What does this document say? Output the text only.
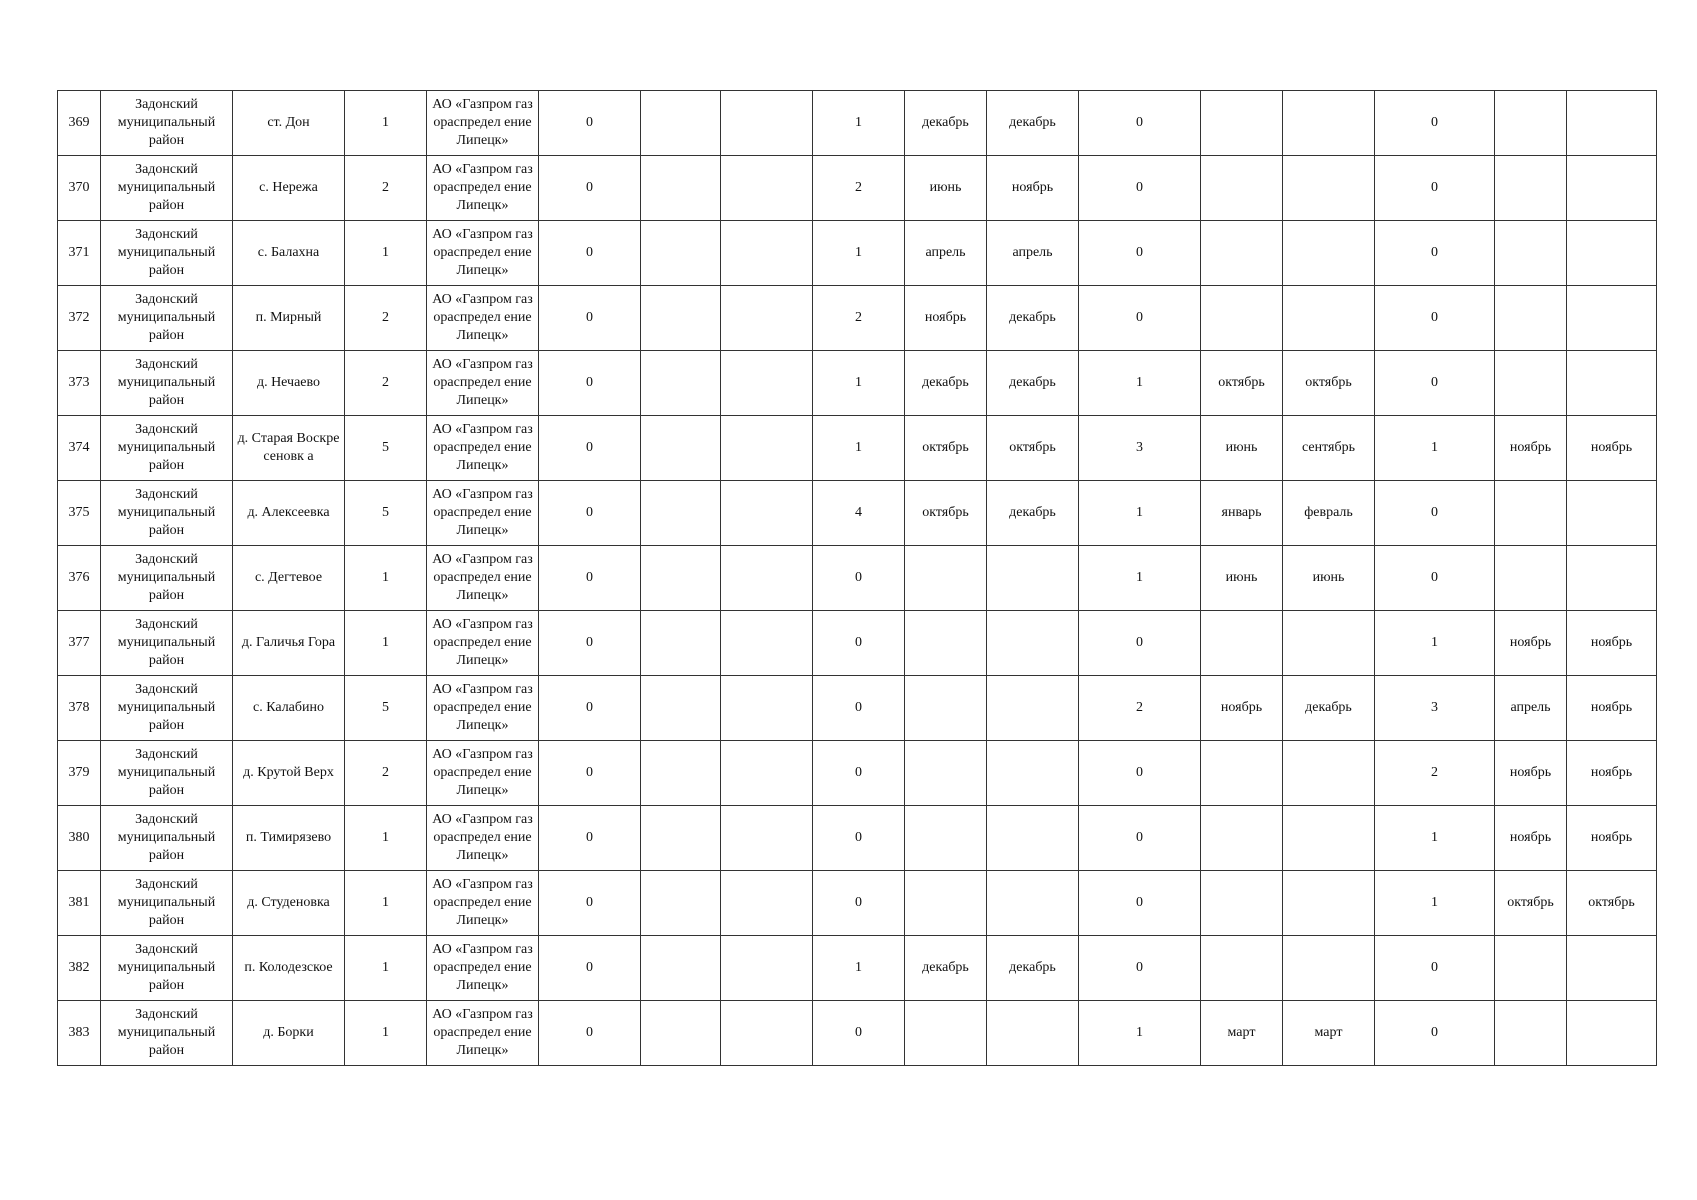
369	Задонский муниципальный район	ст. Дон	1	АО «Газпром газораспредел ение Липецк»	0			1	декабрь	декабрь	0			0		
370	Задонский муниципальный район	с. Нережа	2	АО «Газпром газораспредел ение Липецк»	0			2	июнь	ноябрь	0			0		
371	Задонский муниципальный район	с. Балахна	1	АО «Газпром газораспредел ение Липецк»	0			1	апрель	апрель	0			0		
372	Задонский муниципальный район	п. Мирный	2	АО «Газпром газораспредел ение Липецк»	0			2	ноябрь	декабрь	0			0		
373	Задонский муниципальный район	д. Нечаево	2	АО «Газпром газораспредел ение Липецк»	0			1	декабрь	декабрь	1	октябрь	октябрь	0		
374	Задонский муниципальный район	д. Старая Воскресеновк а	5	АО «Газпром газораспредел ение Липецк»	0			1	октябрь	октябрь	3	июнь	сентябрь	1	ноябрь	ноябрь
375	Задонский муниципальный район	д. Алексеевка	5	АО «Газпром газораспредел ение Липецк»	0			4	октябрь	декабрь	1	январь	февраль	0		
376	Задонский муниципальный район	с. Дегтевое	1	АО «Газпром газораспредел ение Липецк»	0			0			1	июнь	июнь	0		
377	Задонский муниципальный район	д. Галичья Гора	1	АО «Газпром газораспредел ение Липецк»	0			0			0			1	ноябрь	ноябрь
378	Задонский муниципальный район	с. Калабино	5	АО «Газпром газораспредел ение Липецк»	0			0			2	ноябрь	декабрь	3	апрель	ноябрь
379	Задонский муниципальный район	д. Крутой Верх	2	АО «Газпром газораспредел ение Липецк»	0			0			0			2	ноябрь	ноябрь
380	Задонский муниципальный район	п. Тимирязево	1	АО «Газпром газораспредел ение Липецк»	0			0			0			1	ноябрь	ноябрь
381	Задонский муниципальный район	д. Студеновка	1	АО «Газпром газораспредел ение Липецк»	0			0			0			1	октябрь	октябрь
382	Задонский муниципальный район	п. Колодезское	1	АО «Газпром газораспредел ение Липецк»	0			1	декабрь	декабрь	0			0		
383	Задонский муниципальный район	д. Борки	1	АО «Газпром газораспредел ение Липецк»	0			0			1	март	март	0		
